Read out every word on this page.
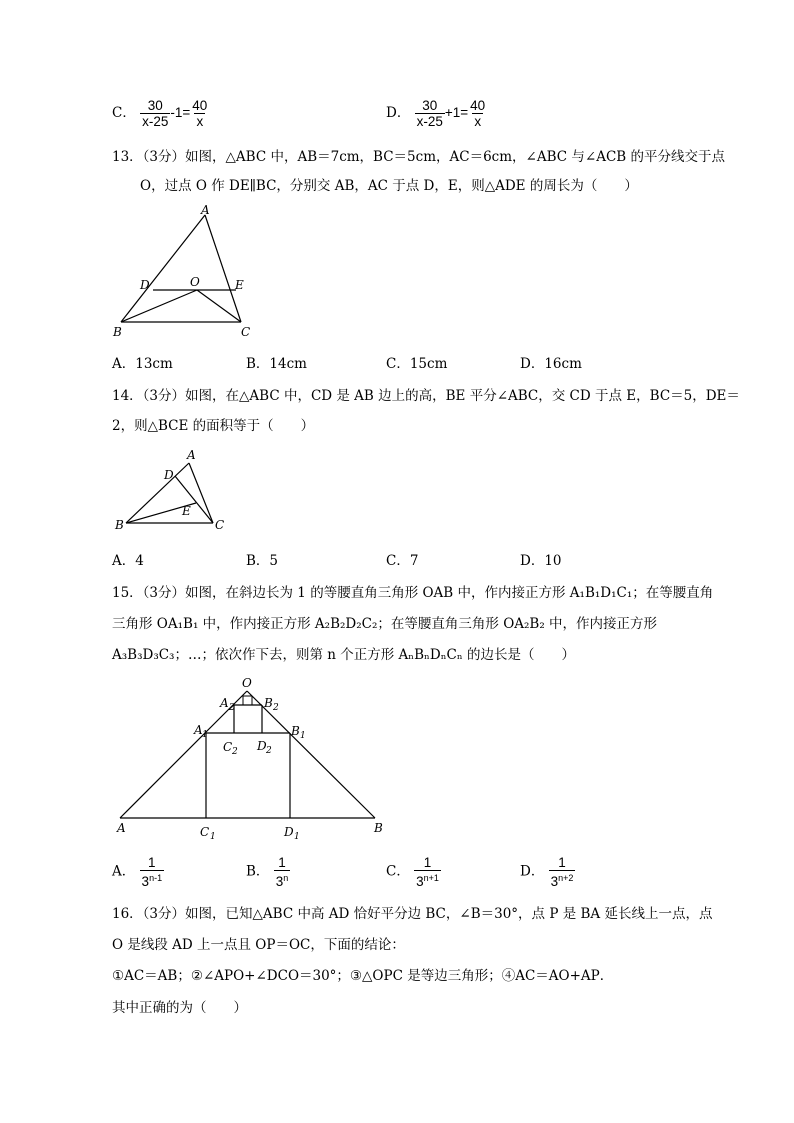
C． $\frac{30}{x-25} -1= \frac{40}{x}$	D． $\frac{30}{x-25} +1= \frac{40}{x}$
13．（3分）如图，△ABC 中，AB＝7cm，BC＝5cm，AC＝6cm，∠ABC 与∠ACB 的平分线交于点
O，过点 O 作 DE∥BC，分别交 AB，AC 于点 D，E，则△ADE 的周长为（　　）
A
D	O	E
B	C
A．13cm	B．14cm	C．15cm	D．16cm
14．（3分）如图，在△ABC 中，CD 是 AB 边上的高，BE 平分∠ABC，交 CD 于点 E，BC＝5，DE＝
2，则△BCE 的面积等于（　　）
A
D
E
B	C
A．4	B．5	C．7	D．10
15．（3分）如图，在斜边长为 1 的等腰直角三角形 OAB 中，作内接正方形 A₁B₁D₁C₁；在等腰直角
三角形 OA₁B₁ 中，作内接正方形 A₂B₂D₂C₂；在等腰直角三角形 OA₂B₂ 中，作内接正方形
A₃B₃D₃C₃；…；依次作下去，则第 n 个正方形 AₙBₙDₙCₙ 的边长是（　　）
O
A 2 B 2
A 1	B 1
C 2 D 2
A	C 1	D 1
B
A． $\frac{1}{3^{n-1}}$	B． $\frac{1}{3^n}$	C． $\frac{1}{3^{n+1}}$	D． $\frac{1}{3^{n+2}}$
16．（3分）如图，已知△ABC 中高 AD 恰好平分边 BC，∠B＝30°，点 P 是 BA 延长线上一点，点
O 是线段 AD 上一点且 OP＝OC，下面的结论：
①AC＝AB；②∠APO+∠DCO＝30°；③△OPC 是等边三角形；④AC＝AO+AP．
其中正确的为（　　）
